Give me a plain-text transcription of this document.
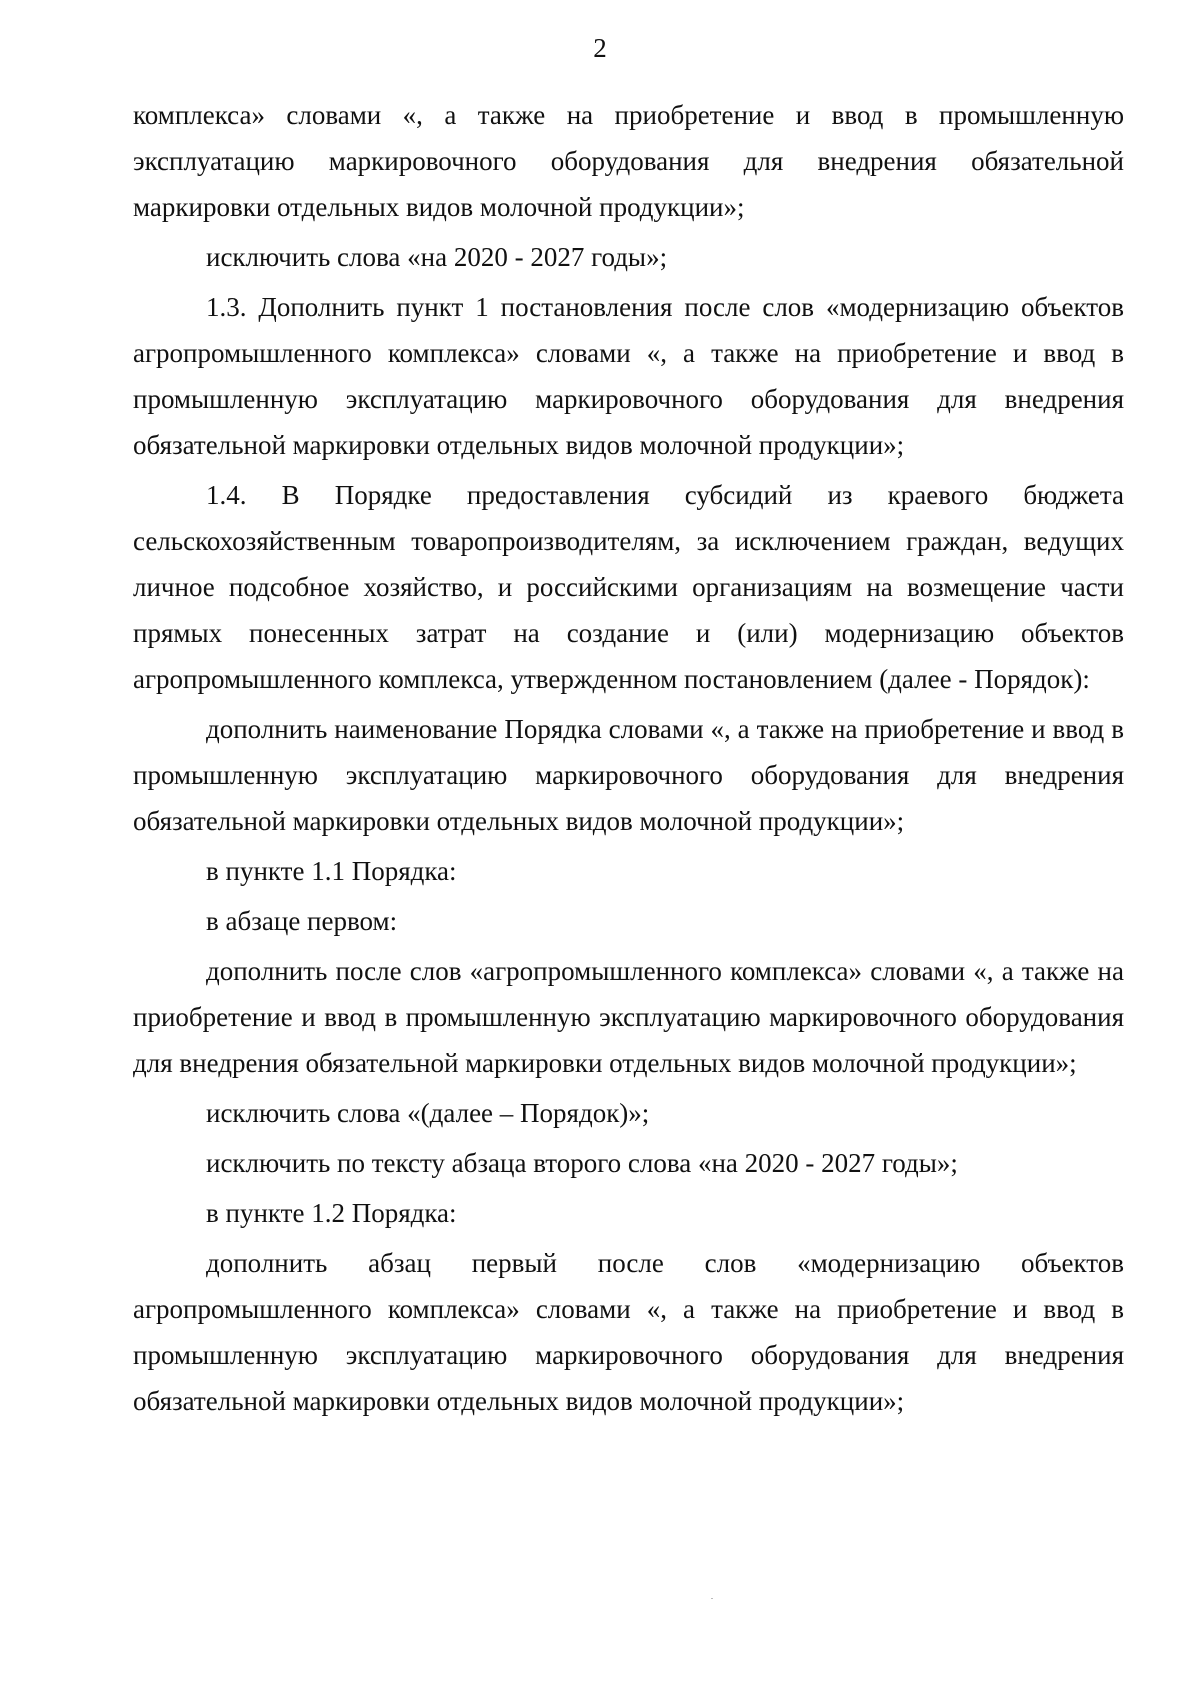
2

комплекса» словами «, а также на приобретение и ввод в промышленную эксплуатацию маркировочного оборудования для внедрения обязательной маркировки отдельных видов молочной продукции»;

исключить слова «на 2020 - 2027 годы»;

1.3. Дополнить пункт 1 постановления после слов «модернизацию объектов агропромышленного комплекса» словами «, а также на приобретение и ввод в промышленную эксплуатацию маркировочного оборудования для внедрения обязательной маркировки отдельных видов молочной продукции»;

1.4. В Порядке предоставления субсидий из краевого бюджета сельскохозяйственным товаропроизводителям, за исключением граждан, ведущих личное подсобное хозяйство, и российскими организациям на возмещение части прямых понесенных затрат на создание и (или) модернизацию объектов агропромышленного комплекса, утвержденном постановлением (далее - Порядок):

дополнить наименование Порядка словами «, а также на приобретение и ввод в промышленную эксплуатацию маркировочного оборудования для внедрения обязательной маркировки отдельных видов молочной продукции»;

в пункте 1.1 Порядка:

в абзаце первом:

дополнить после слов «агропромышленного комплекса» словами «, а также на приобретение и ввод в промышленную эксплуатацию маркировочного оборудования для внедрения обязательной маркировки отдельных видов молочной продукции»;

исключить слова «(далее – Порядок)»;

исключить по тексту абзаца второго слова «на 2020 - 2027 годы»;

в пункте 1.2 Порядка:

дополнить абзац первый после слов «модернизацию объектов агропромышленного комплекса» словами «, а также на приобретение и ввод в промышленную эксплуатацию маркировочного оборудования для внедрения обязательной маркировки отдельных видов молочной продукции»;
